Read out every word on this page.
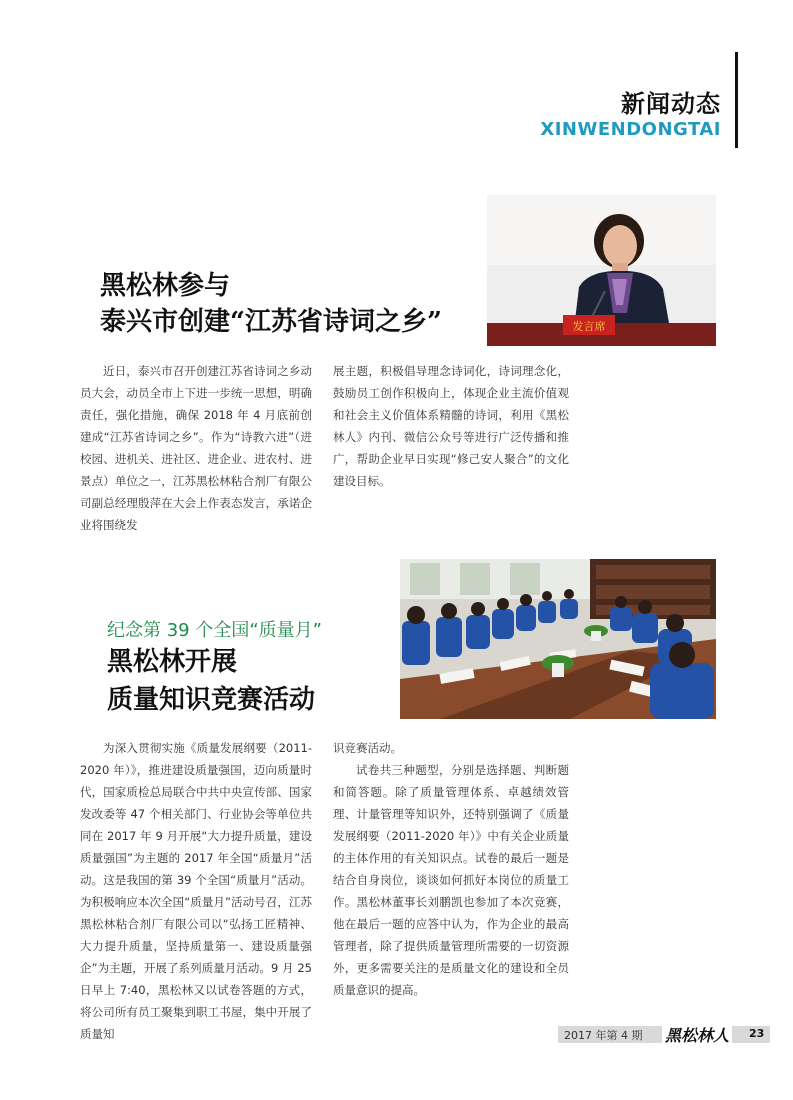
新闻动态
XINWENDONGTAI
发言席
黑松林参与
泰兴市创建“江苏省诗词之乡”

近日，泰兴市召开创建江苏省诗词之乡动员大会，动员全市上下进一步统一思想，明确责任，强化措施，确保 2018 年 4 月底前创建成“江苏省诗词之乡”。作为“诗教六进”（进校园、进机关、进社区、进企业、进农村、进景点）单位之一，江苏黑松林粘合剂厂有限公司副总经理殷萍在大会上作表态发言，承诺企业将围绕发

展主题，积极倡导理念诗词化，诗词理念化，鼓励员工创作积极向上，体现企业主流价值观和社会主义价值体系精髓的诗词，利用《黑松林人》内刊、微信公众号等进行广泛传播和推广，帮助企业早日实现“修己安人聚合”的文化建设目标。

纪念第 39 个全国“质量月”
黑松林开展
质量知识竞赛活动

为深入贯彻实施《质量发展纲要（2011-2020 年）》，推进建设质量强国，迈向质量时代，国家质检总局联合中共中央宣传部、国家发改委等 47 个相关部门、行业协会等单位共同在 2017 年 9 月开展“大力提升质量，建设质量强国”为主题的 2017 年全国“质量月”活动。这是我国的第 39 个全国“质量月”活动。为积极响应本次全国“质量月”活动号召，江苏黑松林粘合剂厂有限公司以“弘扬工匠精神、大力提升质量，坚持质量第一、建设质量强企”为主题，开展了系列质量月活动。9 月 25 日早上 7:40，黑松林又以试卷答题的方式，将公司所有员工聚集到职工书屋，集中开展了质量知

识竞赛活动。

试卷共三种题型，分别是选择题、判断题和简答题。除了质量管理体系、卓越绩效管理、计量管理等知识外，还特别强调了《质量发展纲要（2011-2020 年）》中有关企业质量的主体作用的有关知识点。试卷的最后一题是结合自身岗位，谈谈如何抓好本岗位的质量工作。黑松林董事长刘鹏凯也参加了本次竞赛，他在最后一题的应答中认为，作为企业的最高管理者，除了提供质量管理所需要的一切资源外，更多需要关注的是质量文化的建设和全员质量意识的提高。

2017 年第 4 期 黑松林人 23
